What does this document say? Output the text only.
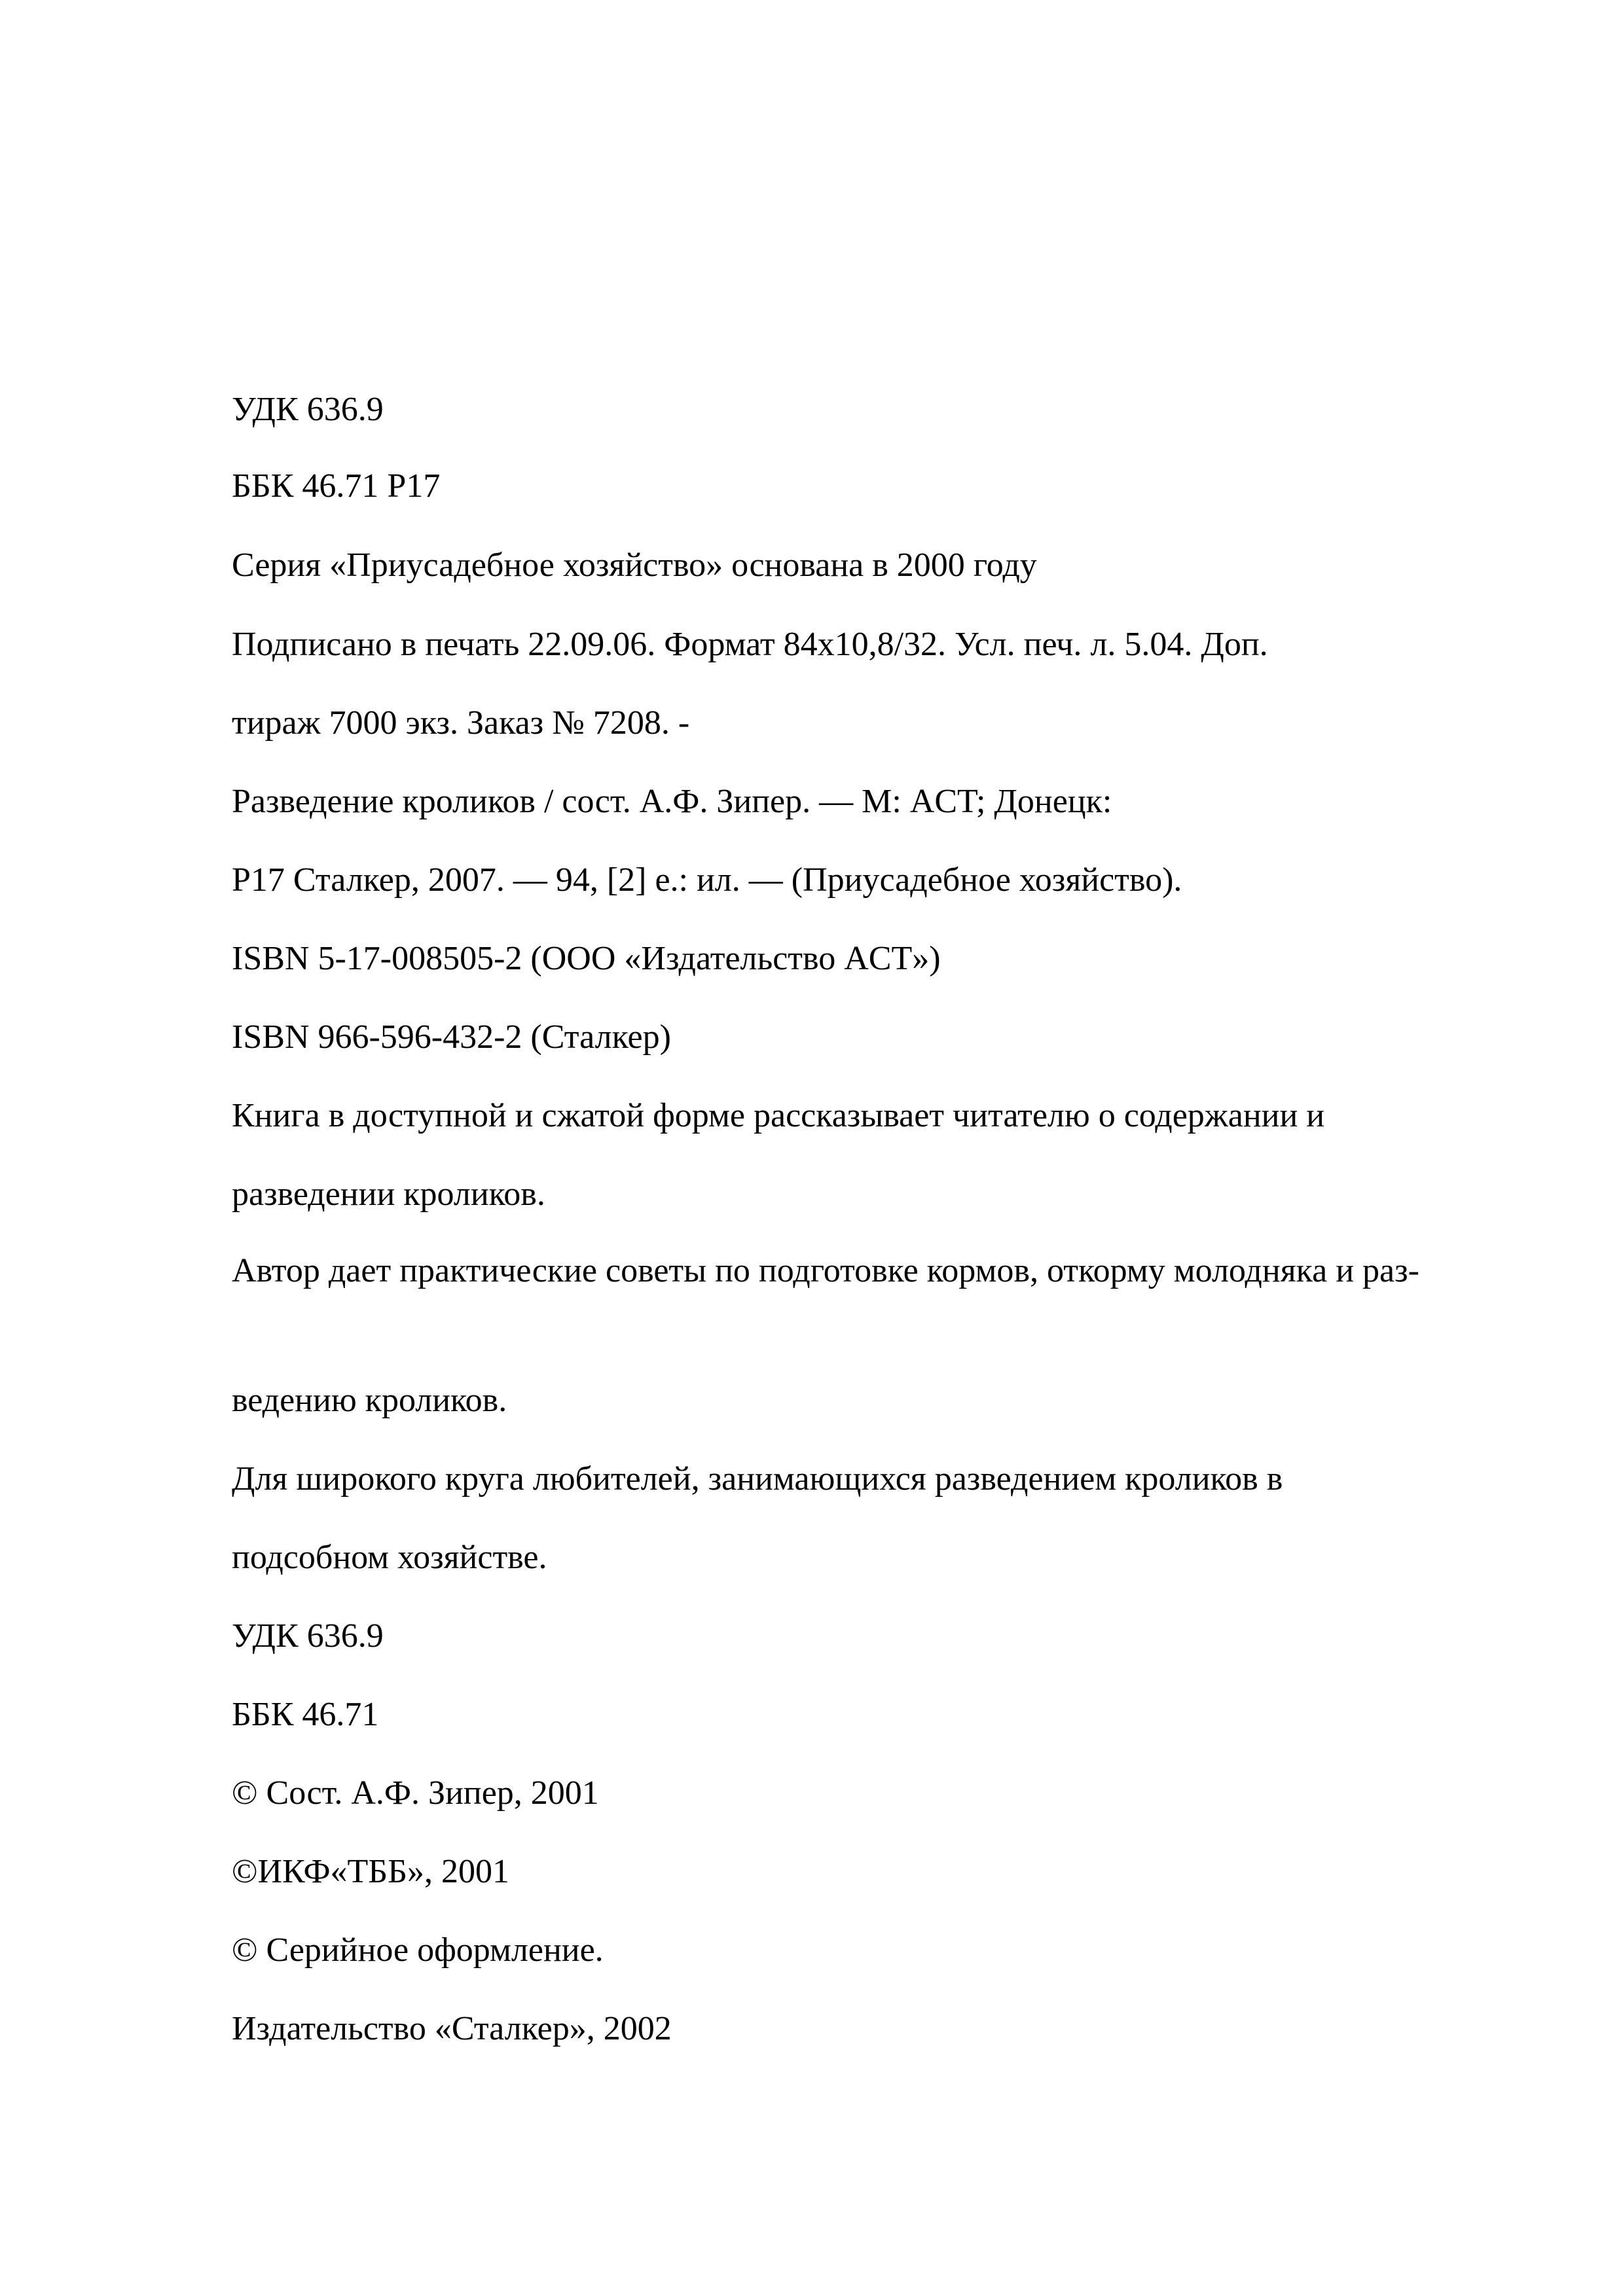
УДК 636.9

ББК 46.71 Р17

Серия «Приусадебное хозяйство» основана в 2000 году

Подписано в печать 22.09.06. Формат 84х10,8/32. Усл. печ. л. 5.04. Доп.

тираж 7000 экз. Заказ № 7208. -

Разведение кроликов / сост. А.Ф. Зипер. — М: ACT; Донецк:

Р17 Сталкер, 2007. — 94, [2] е.: ил. — (Приусадебное хозяйство).

ISBN 5-17-008505-2 (ООО «Издательство ACT»)

ISBN 966-596-432-2 (Сталкер)

Книга в доступной и сжатой форме рассказывает читателю о содержании и

разведении кроликов.

Автор дает практические советы по подготовке кормов, откорму молодняка и раз-

ведению кроликов.

Для широкого круга любителей, занимающихся разведением кроликов в

подсобном хозяйстве.

УДК 636.9

ББК 46.71

© Сост. А.Ф. Зипер, 2001

©ИКФ«ТББ», 2001

© Серийное оформление.

Издательство «Сталкер», 2002
